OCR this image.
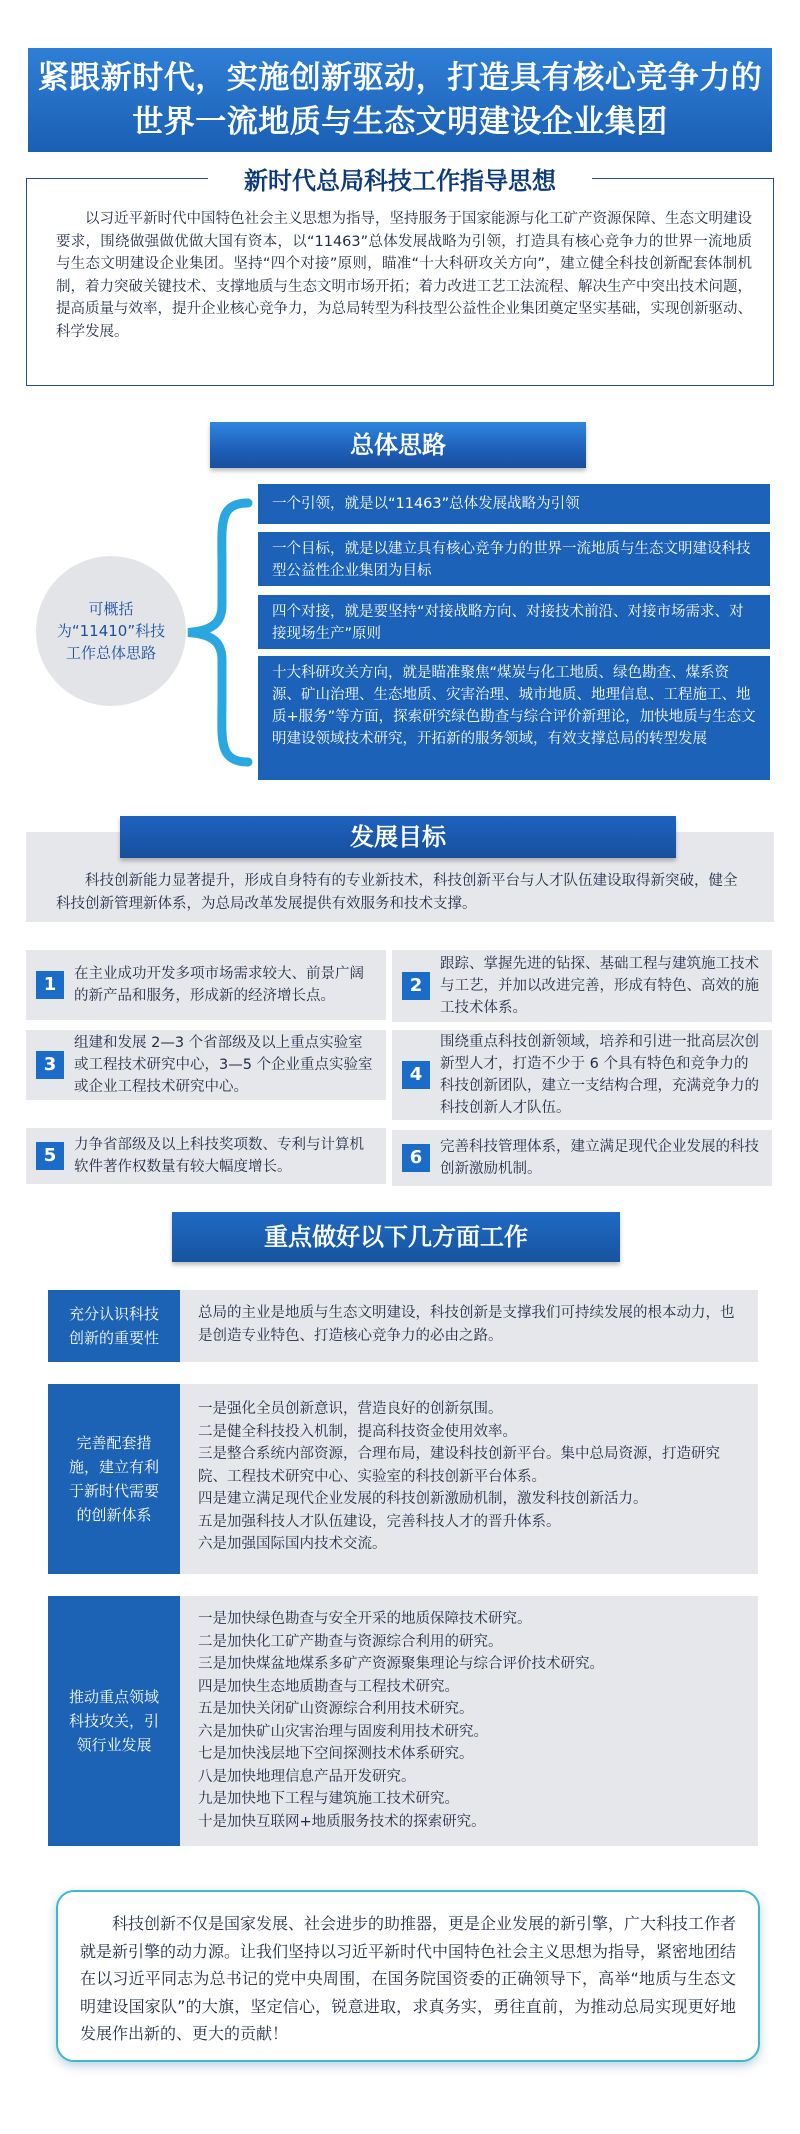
紧跟新时代，实施创新驱动，打造具有核心竞争力的
世界一流地质与生态文明建设企业集团
新时代总局科技工作指导思想
以习近平新时代中国特色社会主义思想为指导，坚持服务于国家能源与化工矿产资源保障、生态文明建设要求，围绕做强做优做大国有资本，以“11463”总体发展战略为引领，打造具有核心竞争力的世界一流地质与生态文明建设企业集团。坚持“四个对接”原则，瞄准“十大科研攻关方向”，建立健全科技创新配套体制机制，着力突破关键技术、支撑地质与生态文明市场开拓；着力改进工艺工法流程、解决生产中突出技术问题，提高质量与效率，提升企业核心竞争力，为总局转型为科技型公益性企业集团奠定坚实基础，实现创新驱动、科学发展。
总体思路
可概括为“11410”科技工作总体思路
一个引领，就是以“11463”总体发展战略为引领
一个目标，就是以建立具有核心竞争力的世界一流地质与生态文明建设科技型公益性企业集团为目标
四个对接，就是要坚持“对接战略方向、对接技术前沿、对接市场需求、对接现场生产”原则
十大科研攻关方向，就是瞄准聚焦“煤炭与化工地质、绿色勘查、煤系资源、矿山治理、生态地质、灾害治理、城市地质、地理信息、工程施工、地质+服务”等方面，探索研究绿色勘查与综合评价新理论，加快地质与生态文明建设领域技术研究，开拓新的服务领域，有效支撑总局的转型发展
科技创新能力显著提升，形成自身特有的专业新技术，科技创新平台与人才队伍建设取得新突破，健全科技创新管理新体系，为总局改革发展提供有效服务和技术支撑。
发展目标
1	在主业成功开发多项市场需求较大、前景广阔的新产品和服务，形成新的经济增长点。	2
跟踪、掌握先进的钻探、基础工程与建筑施工技术与工艺，并加以改进完善，形成有特色、高效的施工技术体系。
3
组建和发展 2—3 个省部级及以上重点实验室或工程技术研究中心，3—5 个企业重点实验室或企业工程技术研究中心。
4
围绕重点科技创新领域，培养和引进一批高层次创新型人才，打造不少于 6 个具有特色和竞争力的科技创新团队，建立一支结构合理，充满竞争力的科技创新人才队伍。
5	力争省部级及以上科技奖项数、专利与计算机软件著作权数量有较大幅度增长。	6	完善科技管理体系，建立满足现代企业发展的科技创新激励机制。
重点做好以下几方面工作
充分认识科技创新的重要性
总局的主业是地质与生态文明建设，科技创新是支撑我们可持续发展的根本动力，也是创造专业特色、打造核心竞争力的必由之路。
完善配套措施，建立有利于新时代需要的创新体系
一是强化全员创新意识，营造良好的创新氛围。
二是健全科技投入机制，提高科技资金使用效率。
三是整合系统内部资源，合理布局，建设科技创新平台。集中总局资源，打造研究院、工程技术研究中心、实验室的科技创新平台体系。
四是建立满足现代企业发展的科技创新激励机制，激发科技创新活力。
五是加强科技人才队伍建设，完善科技人才的晋升体系。
六是加强国际国内技术交流。
推动重点领域科技攻关，引领行业发展
一是加快绿色勘查与安全开采的地质保障技术研究。
二是加快化工矿产勘查与资源综合利用的研究。
三是加快煤盆地煤系多矿产资源聚集理论与综合评价技术研究。
四是加快生态地质勘查与工程技术研究。
五是加快关闭矿山资源综合利用技术研究。
六是加快矿山灾害治理与固废利用技术研究。
七是加快浅层地下空间探测技术体系研究。
八是加快地理信息产品开发研究。
九是加快地下工程与建筑施工技术研究。
十是加快互联网+地质服务技术的探索研究。
科技创新不仅是国家发展、社会进步的助推器，更是企业发展的新引擎，广大科技工作者就是新引擎的动力源。让我们坚持以习近平新时代中国特色社会主义思想为指导，紧密地团结在以习近平同志为总书记的党中央周围，在国务院国资委的正确领导下，高举“地质与生态文明建设国家队”的大旗，坚定信心，锐意进取，求真务实，勇往直前，为推动总局实现更好地发展作出新的、更大的贡献！
